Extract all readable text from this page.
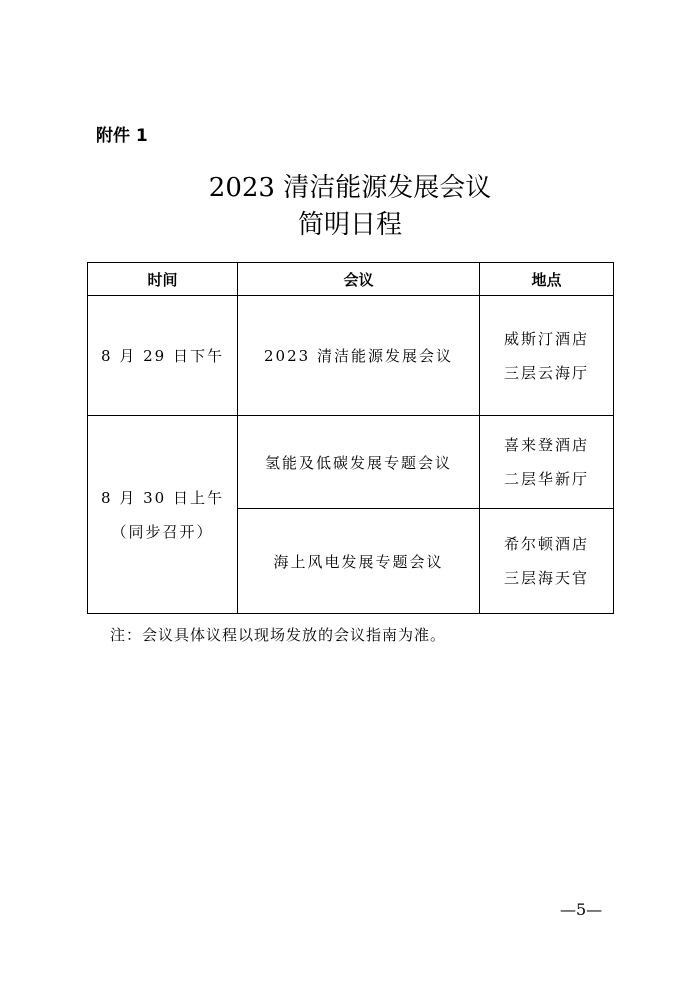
附件 1
2023 清洁能源发展会议
简明日程
时间	会议	地点
8 月 29 日下午	2023 清洁能源发展会议	威斯汀酒店
三层云海厅

8 月 30 日上午
（同步召开）	氢能及低碳发展专题会议	喜来登酒店
二层华新厅

	海上风电发展专题会议	希尔顿酒店
三层海天官
注：会议具体议程以现场发放的会议指南为准。
—5—
